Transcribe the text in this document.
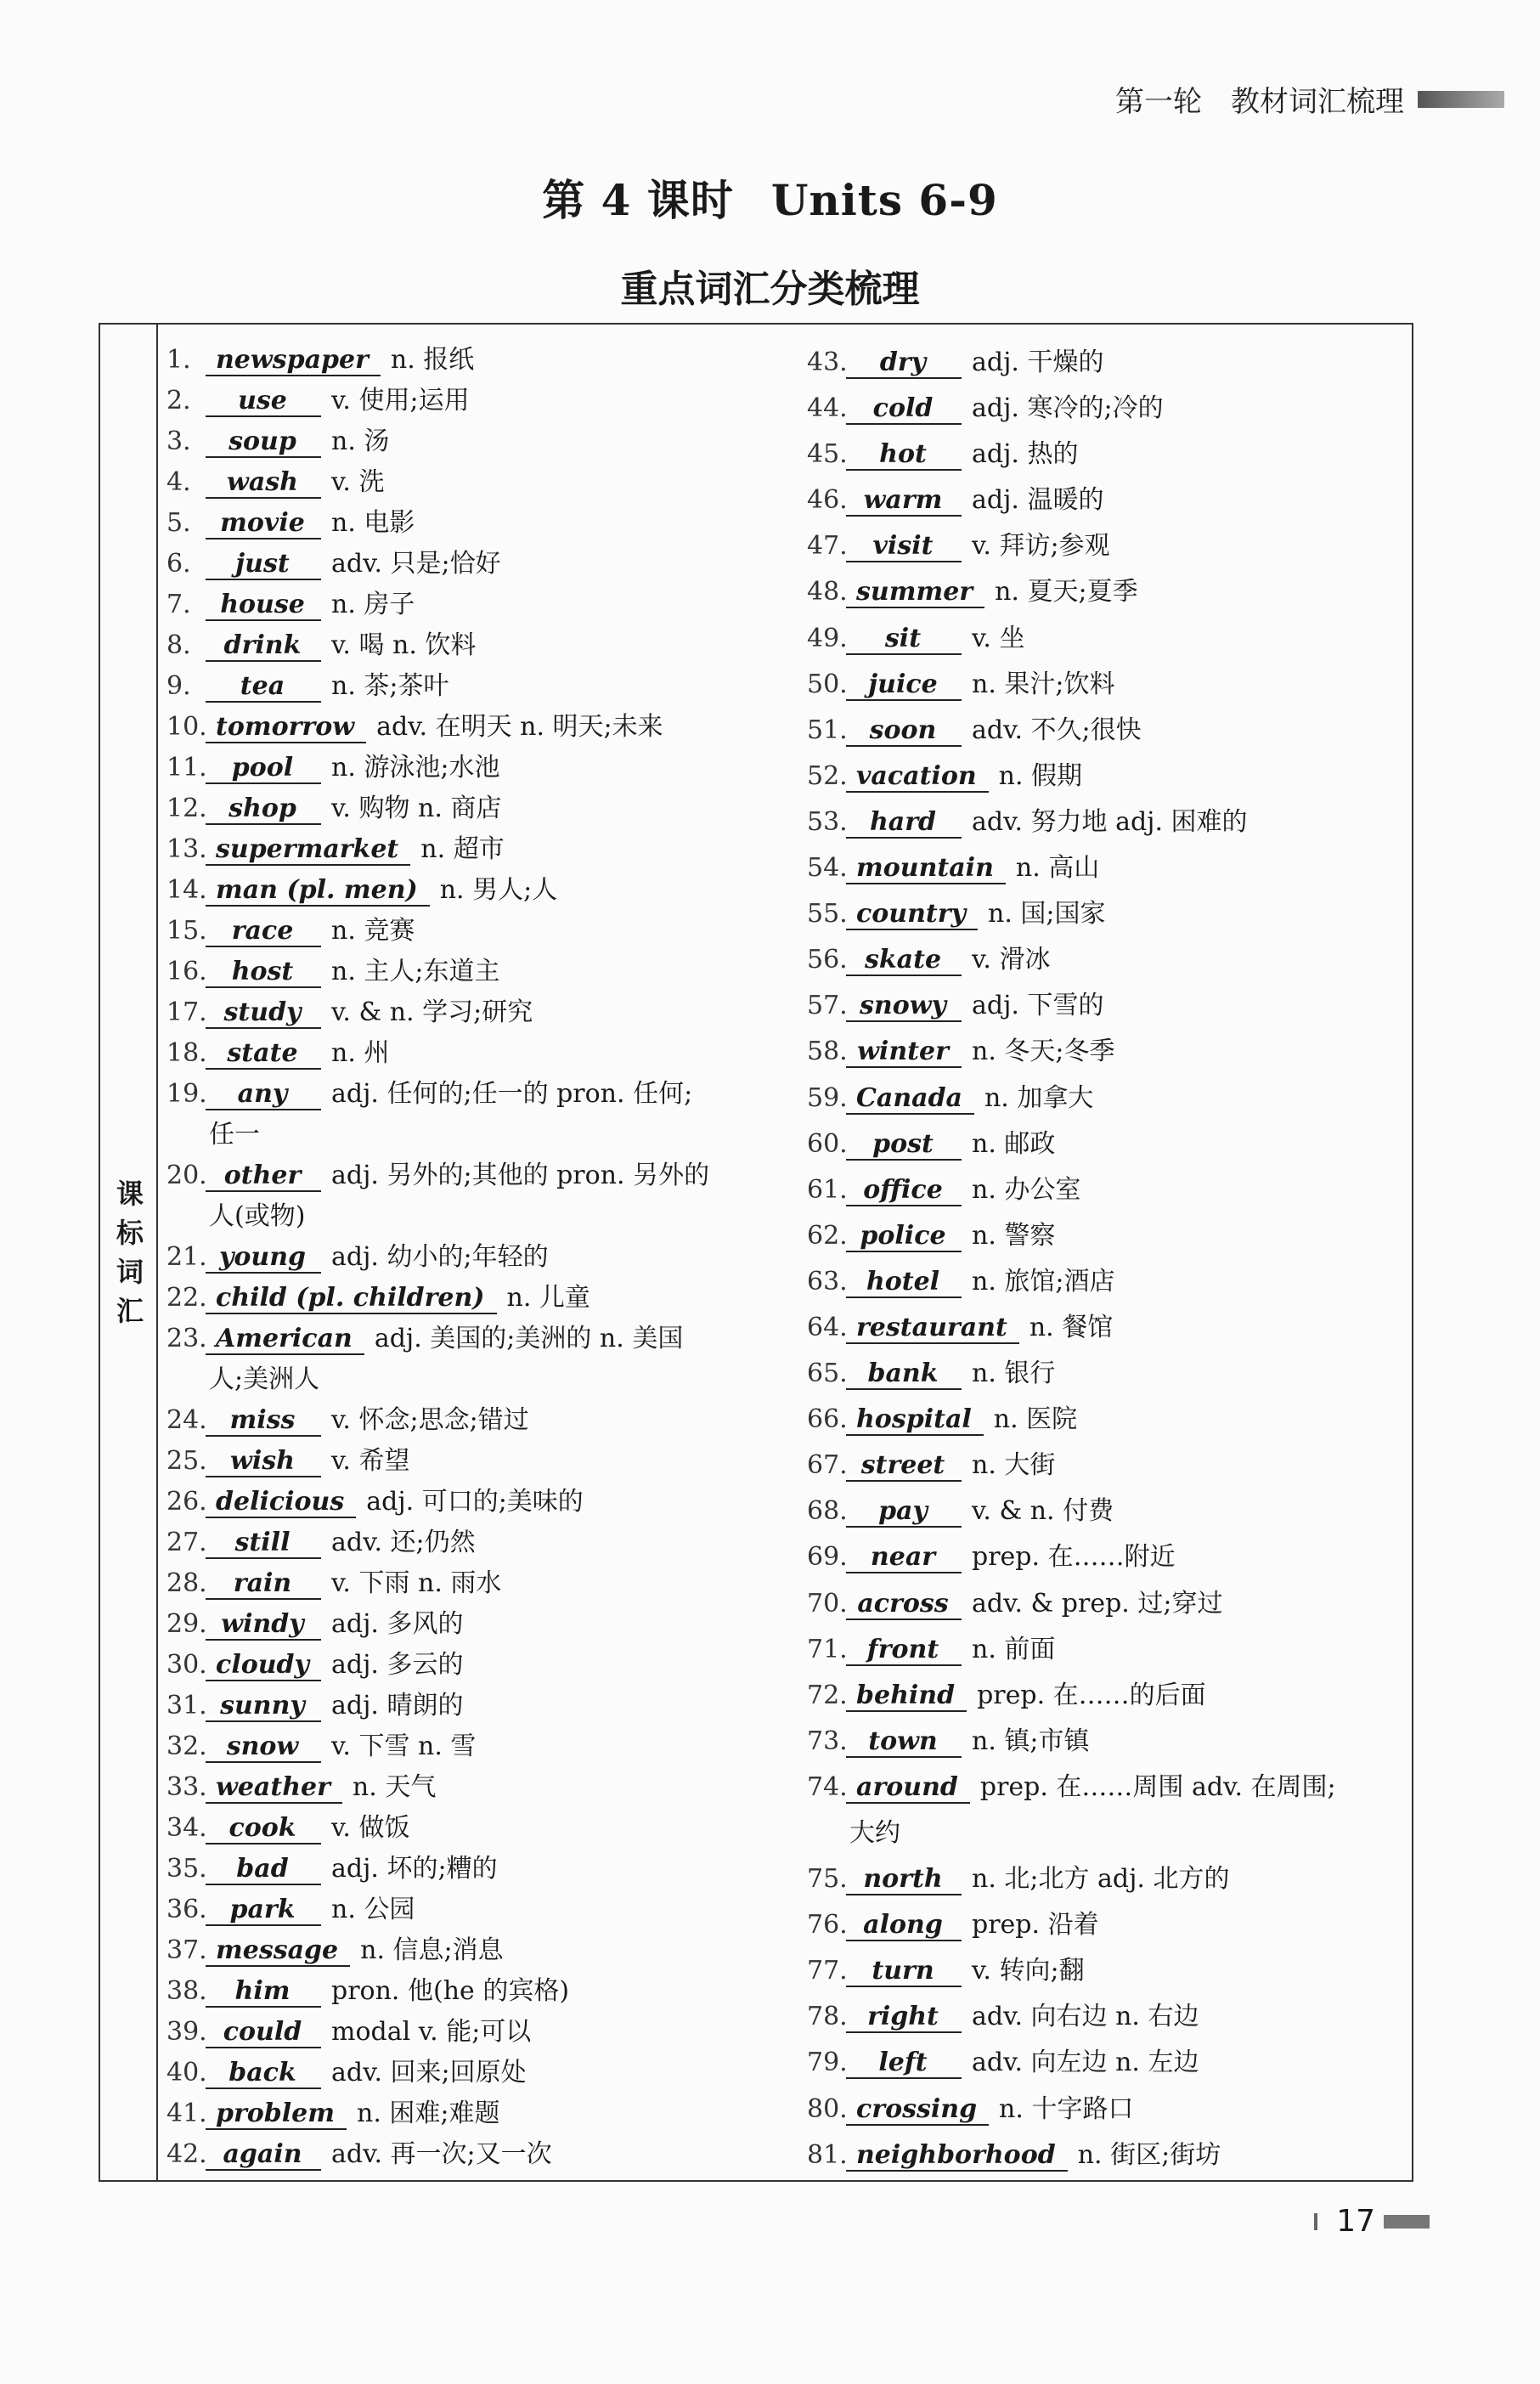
第一轮 教材词汇梳理
第 4 课时 Units 6-9
重点词汇分类梳理
课标词汇
1. newspaper n. 报纸
2. use v. 使用;运用
3. soup n. 汤
4. wash v. 洗
5. movie n. 电影
6. just adv. 只是;恰好
7. house n. 房子
8. drink v. 喝 n. 饮料
9. tea n. 茶;茶叶
10. tomorrow adv. 在明天 n. 明天;未来
11. pool n. 游泳池;水池
12. shop v. 购物 n. 商店
13. supermarket n. 超市
14. man (pl. men) n. 男人;人
15. race n. 竞赛
16. host n. 主人;东道主
17. study v. & n. 学习;研究
18. state n. 州
19. any adj. 任何的;任一的 pron. 任何;
任一
20. other adj. 另外的;其他的 pron. 另外的
人(或物)
21. young adj. 幼小的;年轻的
22. child (pl. children) n. 儿童
23. American adj. 美国的;美洲的 n. 美国
人;美洲人
24. miss v. 怀念;思念;错过
25. wish v. 希望
26. delicious adj. 可口的;美味的
27. still adv. 还;仍然
28. rain v. 下雨 n. 雨水
29. windy adj. 多风的
30. cloudy adj. 多云的
31. sunny adj. 晴朗的
32. snow v. 下雪 n. 雪
33. weather n. 天气
34. cook v. 做饭
35. bad adj. 坏的;糟的
36. park n. 公园
37. message n. 信息;消息
38. him pron. 他(he 的宾格)
39. could modal v. 能;可以
40. back adv. 回来;回原处
41. problem n. 困难;难题
42. again adv. 再一次;又一次
43. dry adj. 干燥的
44. cold adj. 寒冷的;冷的
45. hot adj. 热的
46. warm adj. 温暖的
47. visit v. 拜访;参观
48. summer n. 夏天;夏季
49. sit v. 坐
50. juice n. 果汁;饮料
51. soon adv. 不久;很快
52. vacation n. 假期
53. hard adv. 努力地 adj. 困难的
54. mountain n. 高山
55. country n. 国;国家
56. skate v. 滑冰
57. snowy adj. 下雪的
58. winter n. 冬天;冬季
59. Canada n. 加拿大
60. post n. 邮政
61. office n. 办公室
62. police n. 警察
63. hotel n. 旅馆;酒店
64. restaurant n. 餐馆
65. bank n. 银行
66. hospital n. 医院
67. street n. 大街
68. pay v. & n. 付费
69. near prep. 在……附近
70. across adv. & prep. 过;穿过
71. front n. 前面
72. behind prep. 在……的后面
73. town n. 镇;市镇
74. around prep. 在……周围 adv. 在周围;
大约
75. north n. 北;北方 adj. 北方的
76. along prep. 沿着
77. turn v. 转向;翻
78. right adv. 向右边 n. 右边
79. left adv. 向左边 n. 左边
80. crossing n. 十字路口
81. neighborhood n. 街区;街坊
17
